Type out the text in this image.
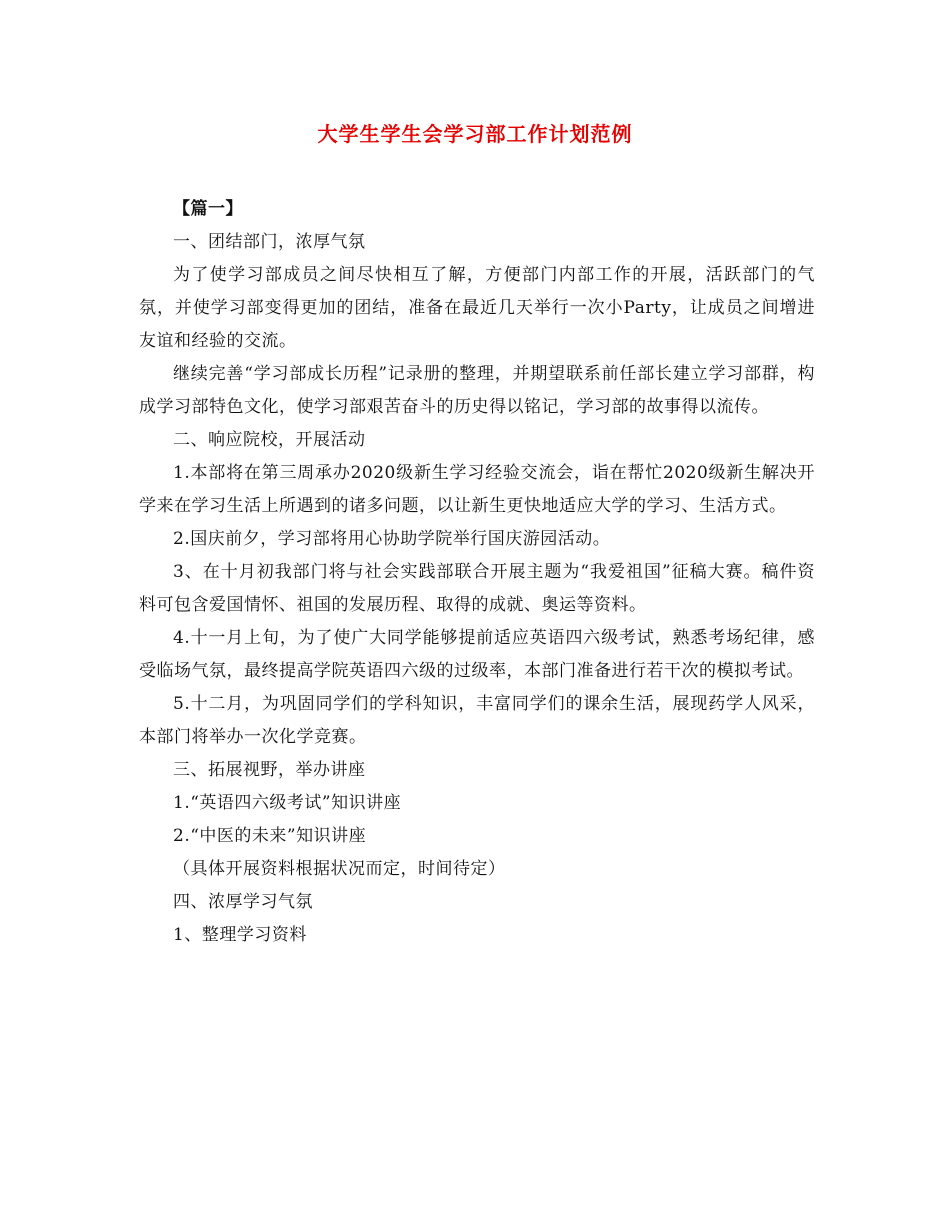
大学生学生会学习部工作计划范例

【篇一】

一、团结部门，浓厚气氛

为了使学习部成员之间尽快相互了解，方便部门内部工作的开展，活跃部门的气氛，并使学习部变得更加的团结，准备在最近几天举行一次小Party，让成员之间增进友谊和经验的交流。

继续完善“学习部成长历程”记录册的整理，并期望联系前任部长建立学习部群，构成学习部特色文化，使学习部艰苦奋斗的历史得以铭记，学习部的故事得以流传。

二、响应院校，开展活动

1.本部将在第三周承办2020级新生学习经验交流会，诣在帮忙2020级新生解决开学来在学习生活上所遇到的诸多问题，以让新生更快地适应大学的学习、生活方式。

2.国庆前夕，学习部将用心协助学院举行国庆游园活动。

3、在十月初我部门将与社会实践部联合开展主题为“我爱祖国”征稿大赛。稿件资料可包含爱国情怀、祖国的发展历程、取得的成就、奥运等资料。

4.十一月上旬，为了使广大同学能够提前适应英语四六级考试，熟悉考场纪律，感受临场气氛，最终提高学院英语四六级的过级率，本部门准备进行若干次的模拟考试。

5.十二月，为巩固同学们的学科知识，丰富同学们的课余生活，展现药学人风采，本部门将举办一次化学竞赛。

三、拓展视野，举办讲座

1.“英语四六级考试”知识讲座

2.“中医的未来”知识讲座

（具体开展资料根据状况而定，时间待定）

四、浓厚学习气氛

1、整理学习资料
